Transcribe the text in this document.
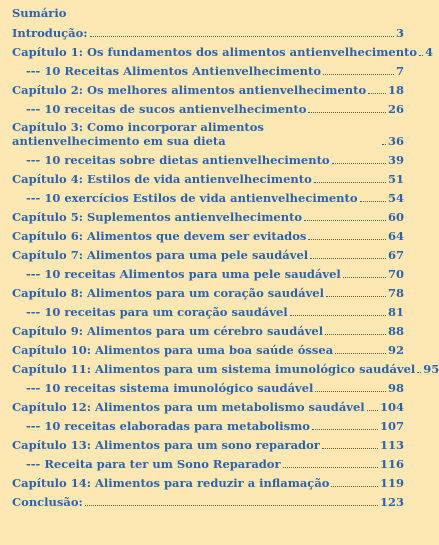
Sumário
Introdução:	3
Capítulo 1: Os fundamentos dos alimentos antienvelhecimento 4
--- 10 Receitas Alimentos Antienvelhecimento	7
Capítulo 2: Os melhores alimentos antienvelhecimento 18
--- 10 receitas de sucos antienvelhecimento	26
Capítulo 3: Como incorporar alimentos antienvelhecimento em sua dieta	36
--- 10 receitas sobre dietas antienvelhecimento	39
Capítulo 4: Estilos de vida antienvelhecimento	51
--- 10 exercícios Estilos de vida antienvelhecimento	54
Capítulo 5: Suplementos antienvelhecimento	60
Capítulo 6: Alimentos que devem ser evitados	64
Capítulo 7: Alimentos para uma pele saudável	67
--- 10 receitas Alimentos para uma pele saudável	70
Capítulo 8: Alimentos para um coração saudável	78
--- 10 receitas para um coração saudável	81
Capítulo 9: Alimentos para um cérebro saudável	88
Capítulo 10: Alimentos para uma boa saúde óssea	92
Capítulo 11: Alimentos para um sistema imunológico saudável 95
--- 10 receitas sistema imunológico saudável	98
Capítulo 12: Alimentos para um metabolismo saudável 104
--- 10 receitas elaboradas para metabolismo	107
Capítulo 13: Alimentos para um sono reparador	113
--- Receita para ter um Sono Reparador	116
Capítulo 14: Alimentos para reduzir a inflamação	119
Conclusão:	123
